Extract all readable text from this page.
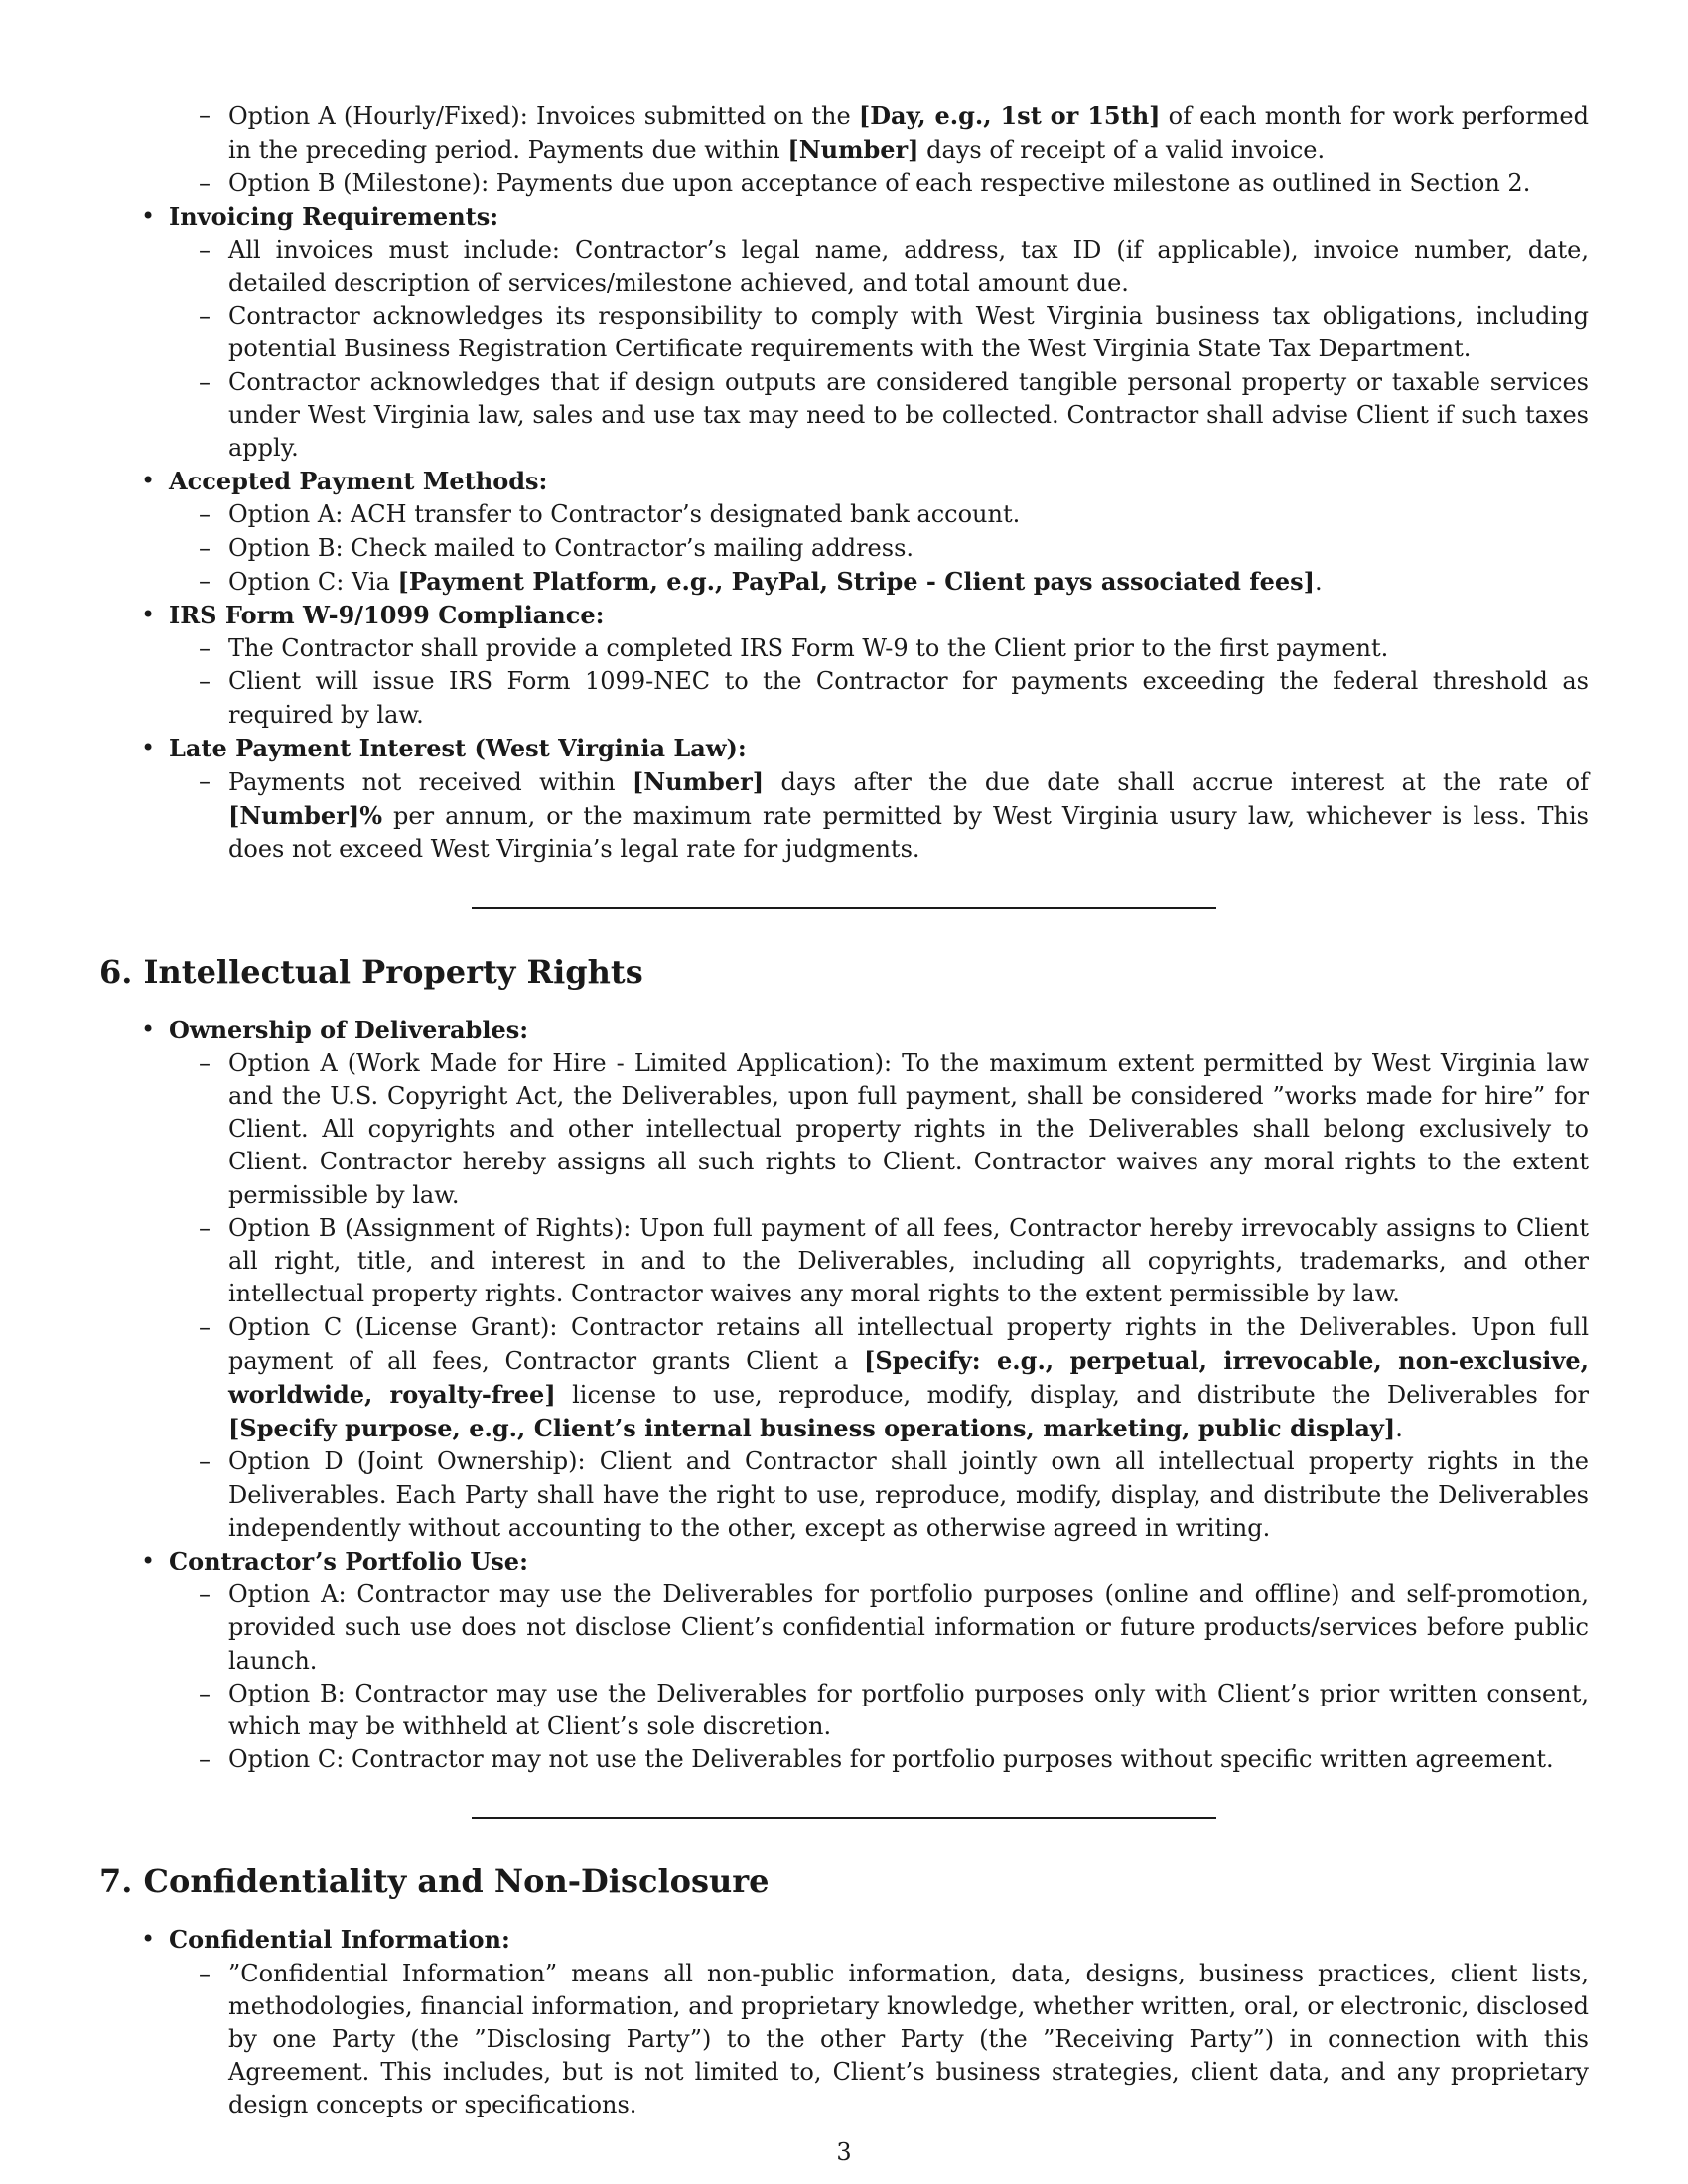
– Option A (Hourly/Fixed): Invoices submitted on the [Day, e.g., 1st or 15th] of each month for work performed in the preceding period. Payments due within [Number] days of receipt of a valid invoice.
– Option B (Milestone): Payments due upon acceptance of each respective milestone as outlined in Section 2.
• Invoicing Requirements:
– All invoices must include: Contractor’s legal name, address, tax ID (if applicable), invoice number, date, detailed description of services/milestone achieved, and total amount due.
– Contractor acknowledges its responsibility to comply with West Virginia business tax obligations, including potential Business Registration Certificate requirements with the West Virginia State Tax Department.
– Contractor acknowledges that if design outputs are considered tangible personal property or taxable services under West Virginia law, sales and use tax may need to be collected. Contractor shall advise Client if such taxes apply.
• Accepted Payment Methods:
– Option A: ACH transfer to Contractor’s designated bank account.
– Option B: Check mailed to Contractor’s mailing address.
– Option C: Via [Payment Platform, e.g., PayPal, Stripe - Client pays associated fees].
• IRS Form W-9/1099 Compliance:
– The Contractor shall provide a completed IRS Form W-9 to the Client prior to the first payment.
– Client will issue IRS Form 1099-NEC to the Contractor for payments exceeding the federal threshold as required by law.
• Late Payment Interest (West Virginia Law):
– Payments not received within [Number] days after the due date shall accrue interest at the rate of [Number]% per annum, or the maximum rate permitted by West Virginia usury law, whichever is less. This does not exceed West Virginia’s legal rate for judgments.
6. Intellectual Property Rights
• Ownership of Deliverables:
– Option A (Work Made for Hire - Limited Application): To the maximum extent permitted by West Virginia law and the U.S. Copyright Act, the Deliverables, upon full payment, shall be considered ”works made for hire” for Client. All copyrights and other intellectual property rights in the Deliverables shall belong exclusively to Client. Contractor hereby assigns all such rights to Client. Contractor waives any moral rights to the extent permissible by law.
– Option B (Assignment of Rights): Upon full payment of all fees, Contractor hereby irrevocably assigns to Client all right, title, and interest in and to the Deliverables, including all copyrights, trademarks, and other intellectual property rights. Contractor waives any moral rights to the extent permissible by law.
– Option C (License Grant): Contractor retains all intellectual property rights in the Deliverables. Upon full payment of all fees, Contractor grants Client a [Specify: e.g., perpetual, irrevocable, non-exclusive, worldwide, royalty-free] license to use, reproduce, modify, display, and distribute the Deliverables for [Specify purpose, e.g., Client’s internal business operations, marketing, public display].
– Option D (Joint Ownership): Client and Contractor shall jointly own all intellectual property rights in the Deliverables. Each Party shall have the right to use, reproduce, modify, display, and distribute the Deliverables independently without accounting to the other, except as otherwise agreed in writing.
• Contractor’s Portfolio Use:
– Option A: Contractor may use the Deliverables for portfolio purposes (online and offline) and self-promotion, provided such use does not disclose Client’s confidential information or future products/services before public launch.
– Option B: Contractor may use the Deliverables for portfolio purposes only with Client’s prior written consent, which may be withheld at Client’s sole discretion.
– Option C: Contractor may not use the Deliverables for portfolio purposes without specific written agreement.
7. Confidentiality and Non-Disclosure
• Confidential Information:
– ”Confidential Information” means all non-public information, data, designs, business practices, client lists, methodologies, financial information, and proprietary knowledge, whether written, oral, or electronic, disclosed by one Party (the ”Disclosing Party”) to the other Party (the ”Receiving Party”) in connection with this Agreement. This includes, but is not limited to, Client’s business strategies, client data, and any proprietary design concepts or specifications.
3
